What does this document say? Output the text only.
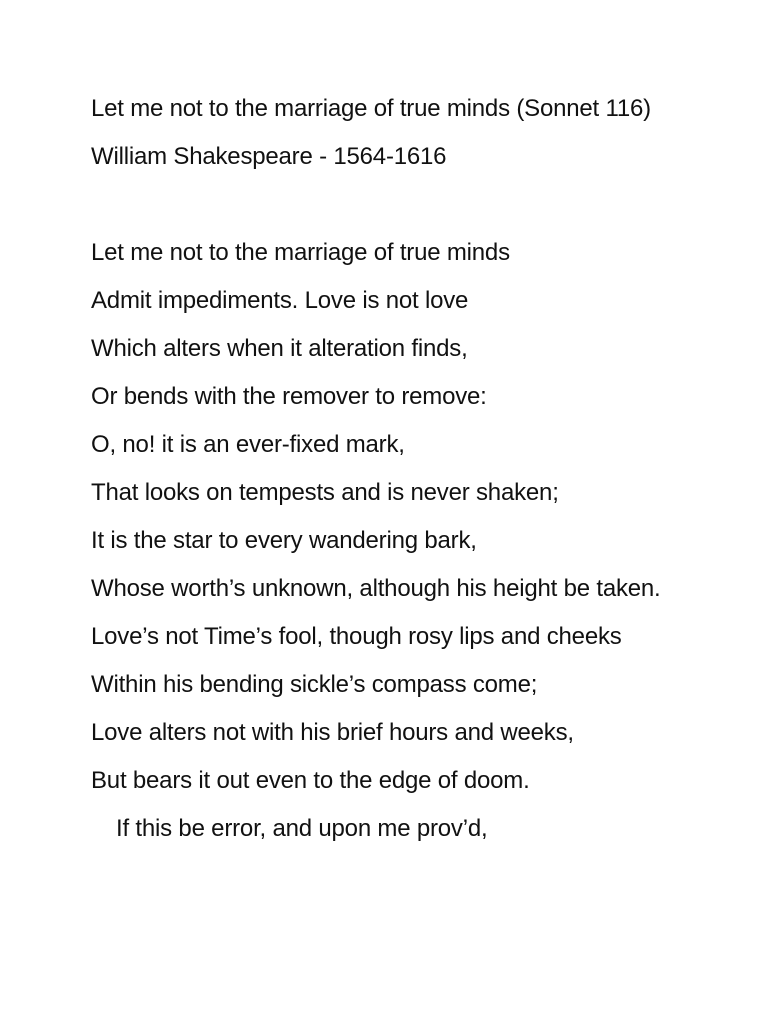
Let me not to the marriage of true minds (Sonnet 116)

William Shakespeare - 1564-1616

Let me not to the marriage of true minds

Admit impediments. Love is not love

Which alters when it alteration finds,

Or bends with the remover to remove:

O, no! it is an ever-fixed mark,

That looks on tempests and is never shaken;

It is the star to every wandering bark,

Whose worth’s unknown, although his height be taken.

Love’s not Time’s fool, though rosy lips and cheeks

Within his bending sickle’s compass come;

Love alters not with his brief hours and weeks,

But bears it out even to the edge of doom.

If this be error, and upon me prov’d,
